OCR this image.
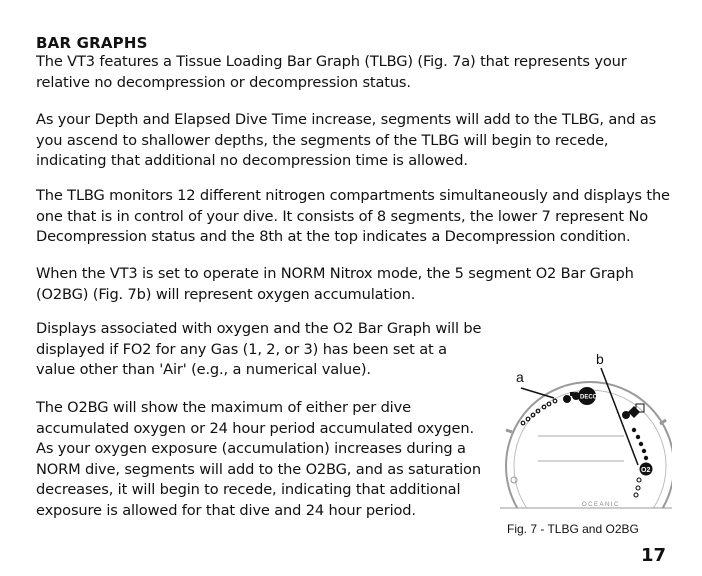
BAR GRAPHS
The VT3 features a Tissue Loading Bar Graph (TLBG) (Fig. 7a) that represents your relative no decompression or decompression status.
As your Depth and Elapsed Dive Time increase, segments will add to the TLBG, and as you ascend to shallower depths, the segments of the TLBG will begin to recede, indicating that additional no decompression time is allowed.
The TLBG monitors 12 different nitrogen compartments simultaneously and displays the one that is in control of your dive. It consists of 8 segments, the lower 7 represent No Decompression status and the 8th at the top indicates a Decompression condition.
When the VT3 is set to operate in NORM Nitrox mode, the 5 segment O2 Bar Graph (O2BG) (Fig. 7b) will represent oxygen accumulation.
Displays associated with oxygen and the O2 Bar Graph will be displayed if FO2 for any Gas (1, 2, or 3) has been set at a value other than 'Air' (e.g., a numerical value).
The O2BG will show the maximum of either per dive accumulated oxygen or 24 hour period accumulated oxygen. As your oxygen exposure (accumulation) increases during a NORM dive, segments will add to the O2BG, and as saturation decreases, it will begin to recede, indicating that additional exposure is allowed for that dive and 24 hour period.	OCEANIC
DECO
O2
a
b
Fig. 7 - TLBG and O2BG
17
